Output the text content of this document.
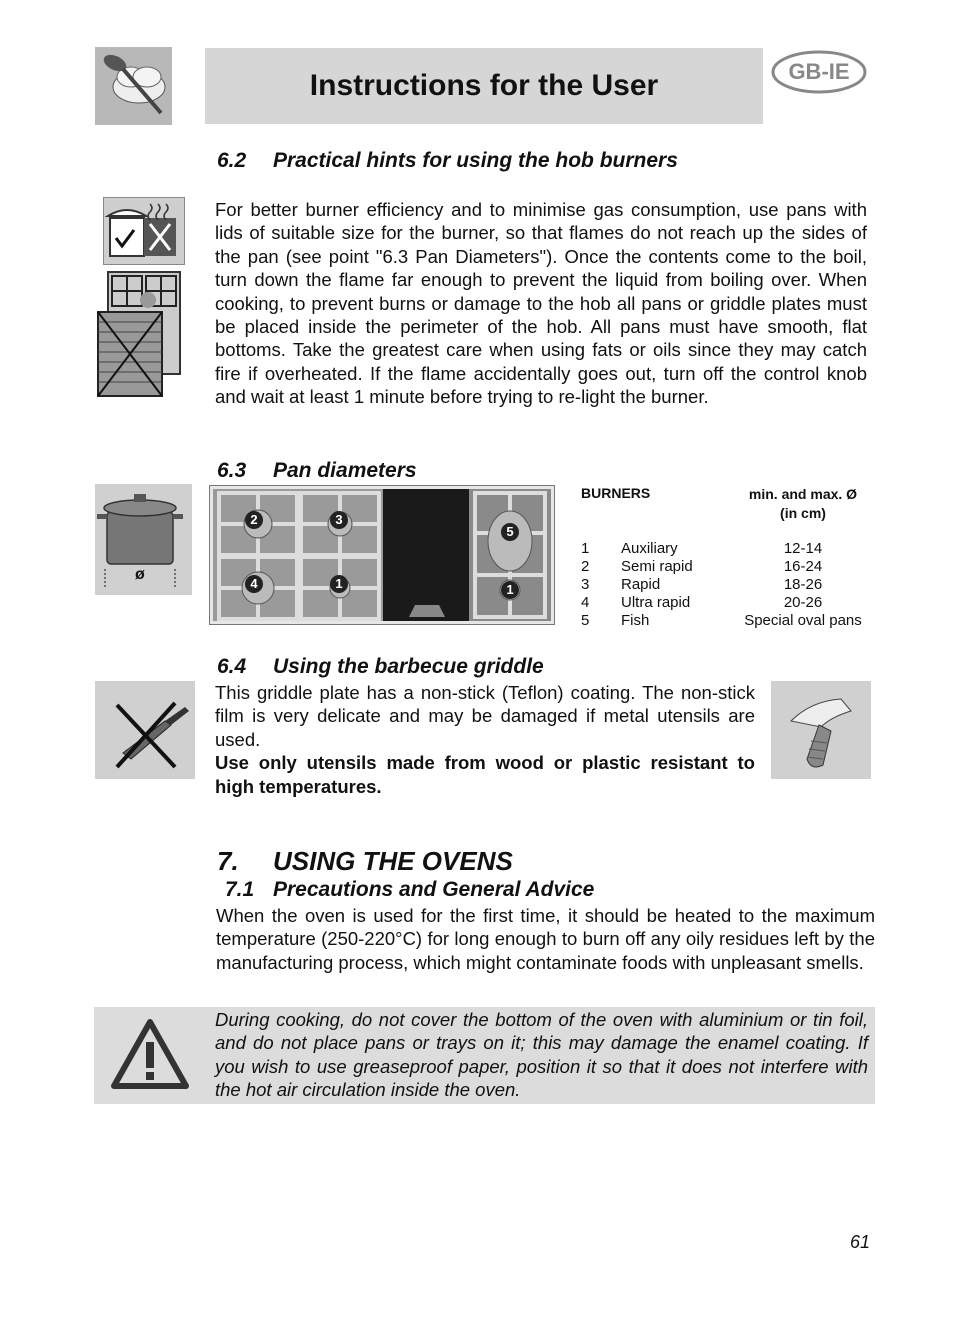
Instructions for the User	GB-IE
6.2 Practical hints for using the hob burners
For better burner efficiency and to minimise gas consumption, use pans with lids of suitable size for the burner, so that flames do not reach up the sides of the pan (see point "6.3 Pan Diameters"). Once the contents come to the boil, turn down the flame far enough to prevent the liquid from boiling over. When cooking, to prevent burns or damage to the hob all pans or griddle plates must be placed inside the perimeter of the hob. All pans must have smooth, flat bottoms. Take the greatest care when using fats or oils since they may catch fire if overheated. If the flame accidentally goes out, turn off the control knob and wait at least 1 minute before trying to re-light the burner.
6.3 Pan diameters
ø
2	3
4	1
5
1
BURNERS	min. and max. Ø
(in cm)
1 Auxiliary	12-14
2 Semi rapid	16-24
3 Rapid	18-26
4 Ultra rapid	20-26
5 Fish	Special oval pans
6.4 Using the barbecue griddle
This griddle plate has a non-stick (Teflon) coating. The non-stick film is very delicate and may be damaged if metal utensils are used.
Use only utensils made from wood or plastic resistant to high temperatures.
7. USING THE OVENS
7.1 Precautions and General Advice
When the oven is used for the first time, it should be heated to the maximum temperature (250-220°C) for long enough to burn off any oily residues left by the manufacturing process, which might contaminate foods with unpleasant smells.
During cooking, do not cover the bottom of the oven with aluminium or tin foil, and do not place pans or trays on it; this may damage the enamel coating. If you wish to use greaseproof paper, position it so that it does not interfere with the hot air circulation inside the oven.
61
